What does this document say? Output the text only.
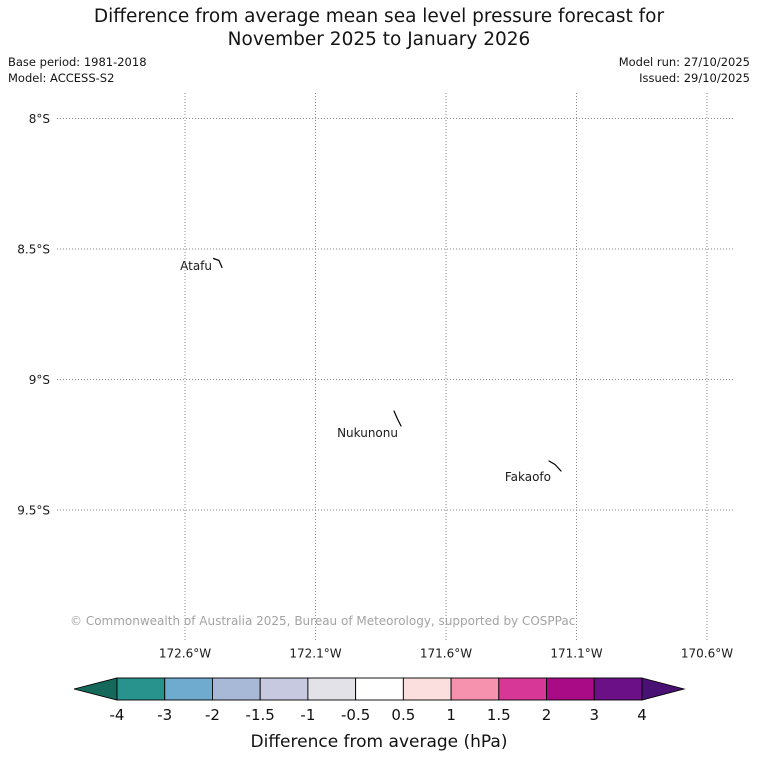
Difference from average mean sea level pressure forecast for
November 2025 to January 2026
Base period: 1981-2018
Model: ACCESS-S2
Model run: 27/10/2025
Issued: 29/10/2025
8°S
8.5°S
9°S
9.5°S
172.6°W	172.1°W	171.6°W	171.1°W	170.6°W
Atafu
Nukunonu
Fakaofo
© Commonwealth of Australia 2025, Bureau of Meteorology, supported by COSPPac
-4 -3 -2 -1.5 -1 -0.5 0.5 1 1.5 2	3	4
Difference from average (hPa)
